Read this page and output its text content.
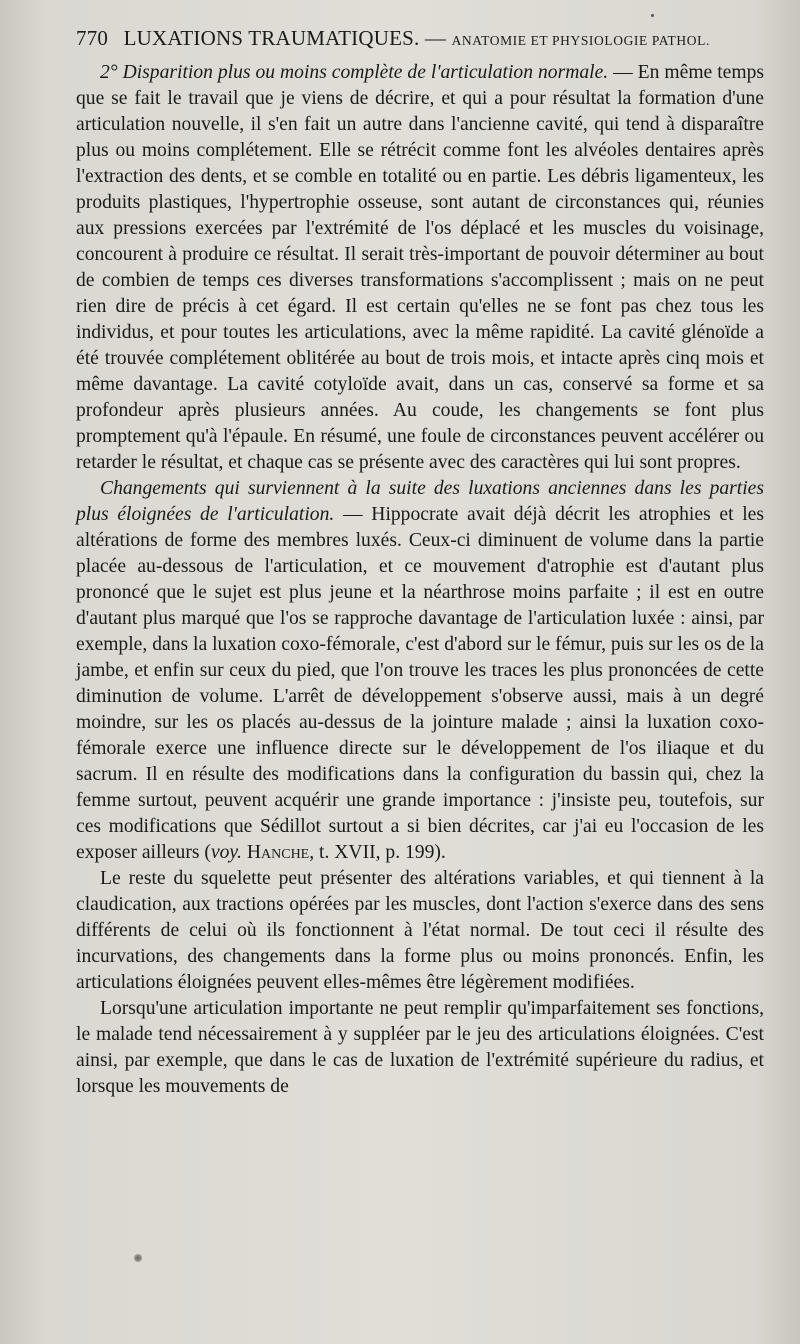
770 LUXATIONS TRAUMATIQUES. — ANATOMIE ET PHYSIOLOGIE PATHOL.

2° Disparition plus ou moins complète de l'articulation normale. — En même temps que se fait le travail que je viens de décrire, et qui a pour résultat la formation d'une articulation nouvelle, il s'en fait un autre dans l'ancienne cavité, qui tend à disparaître plus ou moins complétement. Elle se rétrécit comme font les alvéoles dentaires après l'extraction des dents, et se comble en totalité ou en partie. Les débris ligamenteux, les produits plastiques, l'hypertrophie osseuse, sont autant de circonstances qui, réunies aux pressions exercées par l'extrémité de l'os déplacé et les muscles du voisinage, concourent à produire ce résultat. Il serait très-important de pouvoir déterminer au bout de combien de temps ces diverses transformations s'accomplissent ; mais on ne peut rien dire de précis à cet égard. Il est certain qu'elles ne se font pas chez tous les individus, et pour toutes les articulations, avec la même rapidité. La cavité glénoïde a été trouvée complétement oblitérée au bout de trois mois, et intacte après cinq mois et même davantage. La cavité cotyloïde avait, dans un cas, conservé sa forme et sa profondeur après plusieurs années. Au coude, les changements se font plus promptement qu'à l'épaule. En résumé, une foule de circonstances peuvent accélérer ou retarder le résultat, et chaque cas se présente avec des caractères qui lui sont propres.

Changements qui surviennent à la suite des luxations anciennes dans les parties plus éloignées de l'articulation. — Hippocrate avait déjà décrit les atrophies et les altérations de forme des membres luxés. Ceux-ci diminuent de volume dans la partie placée au-dessous de l'articulation, et ce mouvement d'atrophie est d'autant plus prononcé que le sujet est plus jeune et la néarthrose moins parfaite ; il est en outre d'autant plus marqué que l'os se rapproche davantage de l'articulation luxée : ainsi, par exemple, dans la luxation coxo-fémorale, c'est d'abord sur le fémur, puis sur les os de la jambe, et enfin sur ceux du pied, que l'on trouve les traces les plus prononcées de cette diminution de volume. L'arrêt de développement s'observe aussi, mais à un degré moindre, sur les os placés au-dessus de la jointure malade ; ainsi la luxation coxo-fémorale exerce une influence directe sur le développement de l'os iliaque et du sacrum. Il en résulte des modifications dans la configuration du bassin qui, chez la femme surtout, peuvent acquérir une grande importance : j'insiste peu, toutefois, sur ces modifications que Sédillot surtout a si bien décrites, car j'ai eu l'occasion de les exposer ailleurs (voy. Hanche, t. XVII, p. 199).

Le reste du squelette peut présenter des altérations variables, et qui tiennent à la claudication, aux tractions opérées par les muscles, dont l'action s'exerce dans des sens différents de celui où ils fonctionnent à l'état normal. De tout ceci il résulte des incurvations, des changements dans la forme plus ou moins prononcés. Enfin, les articulations éloignées peuvent elles-mêmes être légèrement modifiées.

Lorsqu'une articulation importante ne peut remplir qu'imparfaitement ses fonctions, le malade tend nécessairement à y suppléer par le jeu des articulations éloignées. C'est ainsi, par exemple, que dans le cas de luxation de l'extrémité supérieure du radius, et lorsque les mouvements de
